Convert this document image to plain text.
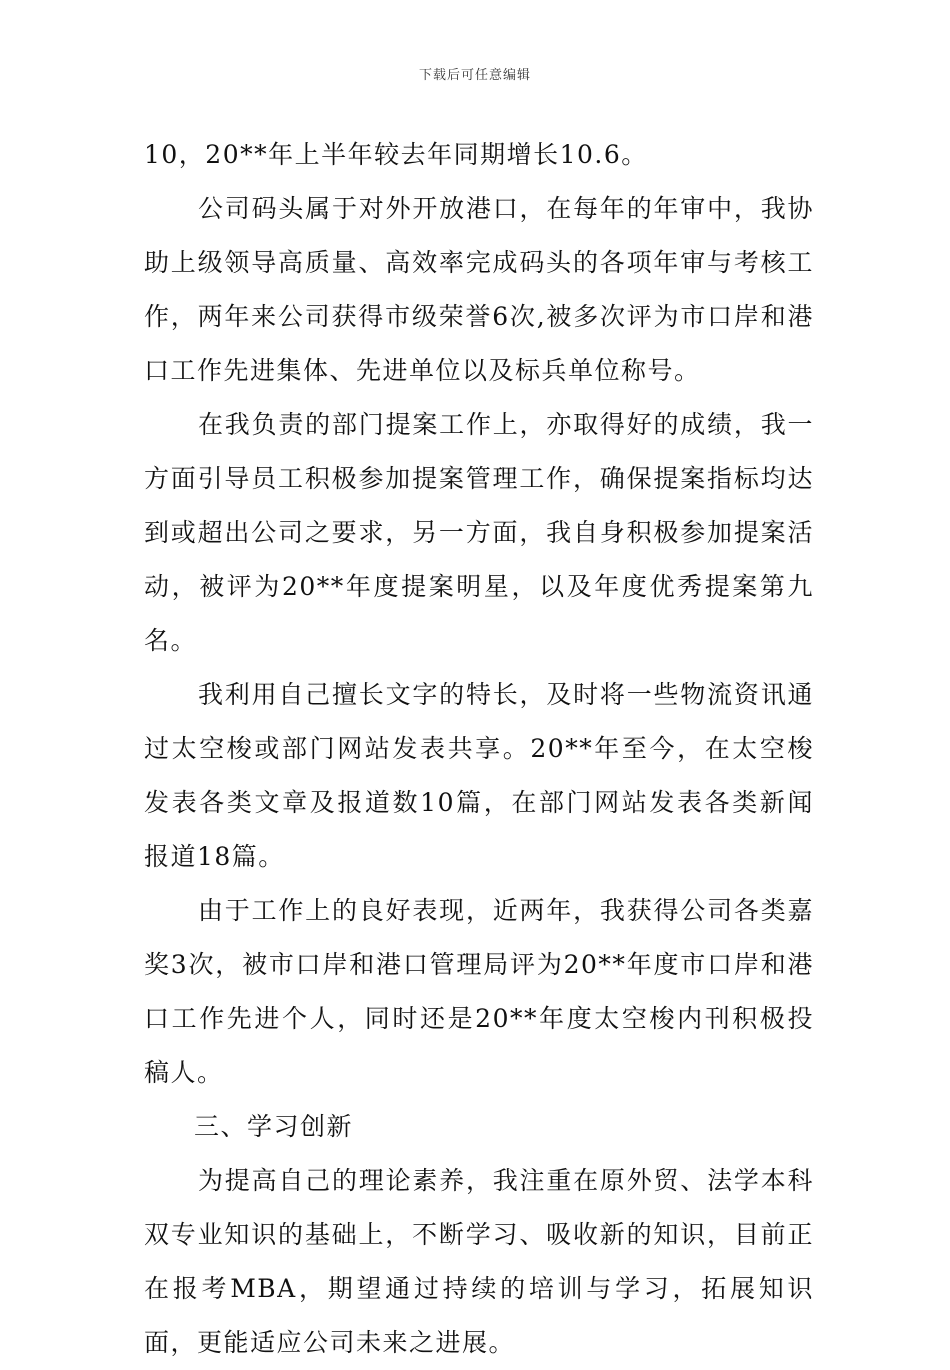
下载后可任意编辑

10，20**年上半年较去年同期增长10.6。

公司码头属于对外开放港口，在每年的年审中，我协助上级领导高质量、高效率完成码头的各项年审与考核工作，两年来公司获得市级荣誉6次,被多次评为市口岸和港口工作先进集体、先进单位以及标兵单位称号。

在我负责的部门提案工作上，亦取得好的成绩，我一方面引导员工积极参加提案管理工作，确保提案指标均达到或超出公司之要求，另一方面，我自身积极参加提案活动，被评为20**年度提案明星，以及年度优秀提案第九名。

我利用自己擅长文字的特长，及时将一些物流资讯通过太空梭或部门网站发表共享。20**年至今，在太空梭发表各类文章及报道数10篇，在部门网站发表各类新闻报道18篇。

由于工作上的良好表现，近两年，我获得公司各类嘉奖3次，被市口岸和港口管理局评为20**年度市口岸和港口工作先进个人，同时还是20**年度太空梭内刊积极投稿人。

三、学习创新

为提高自己的理论素养，我注重在原外贸、法学本科双专业知识的基础上，不断学习、吸收新的知识，目前正在报考MBA，期望通过持续的培训与学习，拓展知识面，更能适应公司未来之进展。
